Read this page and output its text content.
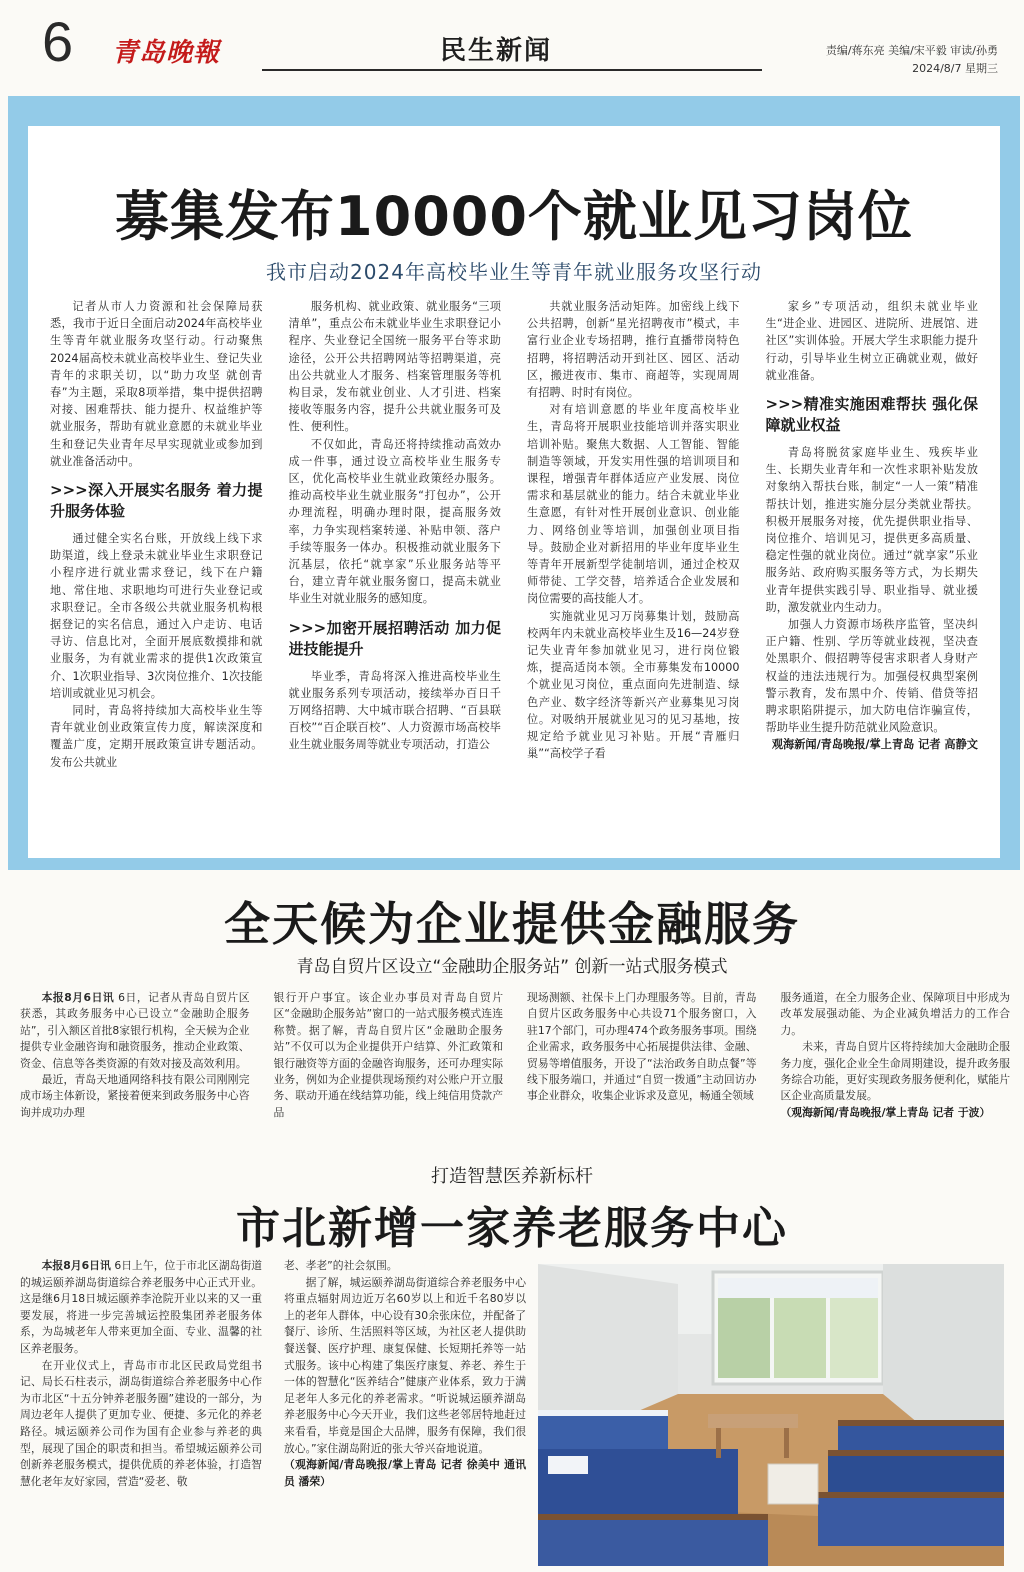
6 青岛晚報	民生新闻	责编/蒋东亮 美编/宋平毅 审读/孙勇
2024/8/7 星期三
募集发布10000个就业见习岗位
我市启动2024年高校毕业生等青年就业服务攻坚行动

记者从市人力资源和社会保障局获悉，我市于近日全面启动2024年高校毕业生等青年就业服务攻坚行动。行动聚焦2024届高校未就业高校毕业生、登记失业青年的求职关切，以“助力攻坚 就创青春”为主题，采取8项举措，集中提供招聘对接、困难帮扶、能力提升、权益维护等就业服务，帮助有就业意愿的未就业毕业生和登记失业青年尽早实现就业或参加到就业准备活动中。

>>>深入开展实名服务 着力提升服务体验

通过健全实名台账，开放线上线下求助渠道，线上登录未就业毕业生求职登记小程序进行就业需求登记，线下在户籍地、常住地、求职地均可进行失业登记或求职登记。全市各级公共就业服务机构根据登记的实名信息，通过入户走访、电话寻访、信息比对，全面开展底数摸排和就业服务，为有就业需求的提供1次政策宣介、1次职业指导、3次岗位推介、1次技能培训或就业见习机会。

同时，青岛将持续加大高校毕业生等青年就业创业政策宣传力度，解读深度和覆盖广度，定期开展政策宣讲专题活动。发布公共就业

服务机构、就业政策、就业服务“三项清单”，重点公布未就业毕业生求职登记小程序、失业登记全国统一服务平台等求助途径，公开公共招聘网站等招聘渠道，亮出公共就业人才服务、档案管理服务等机构目录，发布就业创业、人才引进、档案接收等服务内容，提升公共就业服务可及性、便利性。

不仅如此，青岛还将持续推动高效办成一件事，通过设立高校毕业生服务专区，优化高校毕业生就业政策经办服务。推动高校毕业生就业服务“打包办”，公开办理流程，明确办理时限，提高服务效率，力争实现档案转递、补贴申领、落户手续等服务一体办。积极推动就业服务下沉基层，依托“就享家”乐业服务站等平台，建立青年就业服务窗口，提高未就业毕业生对就业服务的感知度。

>>>加密开展招聘活动 加力促进技能提升

毕业季，青岛将深入推进高校毕业生就业服务系列专项活动，接续举办百日千万网络招聘、大中城市联合招聘、“百县联百校”“百企联百校”、人力资源市场高校毕业生就业服务周等就业专项活动，打造公

共就业服务活动矩阵。加密线上线下公共招聘，创新“星光招聘夜市”模式，丰富行业企业专场招聘，推行直播带岗特色招聘，将招聘活动开到社区、园区、活动区，搬进夜市、集市、商超等，实现周周有招聘、时时有岗位。

对有培训意愿的毕业年度高校毕业生，青岛将开展职业技能培训并落实职业培训补贴。聚焦大数据、人工智能、智能制造等领域，开发实用性强的培训项目和课程，增强青年群体适应产业发展、岗位需求和基层就业的能力。结合未就业毕业生意愿，有针对性开展创业意识、创业能力、网络创业等培训，加强创业项目指导。鼓励企业对新招用的毕业年度毕业生等青年开展新型学徒制培训，通过企校双师带徒、工学交替，培养适合企业发展和岗位需要的高技能人才。

实施就业见习万岗募集计划，鼓励高校两年内未就业高校毕业生及16—24岁登记失业青年参加就业见习，进行岗位锻炼，提高适岗本领。全市募集发布10000个就业见习岗位，重点面向先进制造、绿色产业、数字经济等新兴产业募集见习岗位。对吸纳开展就业见习的见习基地，按规定给予就业见习补贴。开展“青雁归巢”“高校学子看

家乡”专项活动，组织未就业毕业生“进企业、进园区、进院所、进展馆、进社区”实训体验。开展大学生求职能力提升行动，引导毕业生树立正确就业观，做好就业准备。

>>>精准实施困难帮扶 强化保障就业权益

青岛将脱贫家庭毕业生、残疾毕业生、长期失业青年和一次性求职补贴发放对象纳入帮扶台账，制定“一人一策”精准帮扶计划，推进实施分层分类就业帮扶。积极开展服务对接，优先提供职业指导、岗位推介、培训见习，提供更多高质量、稳定性强的就业岗位。通过“就享家”乐业服务站、政府购买服务等方式，为长期失业青年提供实践引导、职业指导、就业援助，激发就业内生动力。

加强人力资源市场秩序监管，坚决纠正户籍、性别、学历等就业歧视，坚决查处黑职介、假招聘等侵害求职者人身财产权益的违法违规行为。加强侵权典型案例警示教育，发布黑中介、传销、借贷等招聘求职陷阱提示，加大防电信诈骗宣传，帮助毕业生提升防范就业风险意识。

观海新闻/青岛晚报/掌上青岛 记者 高静文

全天候为企业提供金融服务
青岛自贸片区设立“金融助企服务站” 创新一站式服务模式

本报8月6日讯 6日，记者从青岛自贸片区获悉，其政务服务中心已设立“金融助企服务站”，引入额区首批8家银行机构，全天候为企业提供专业金融咨询和融资服务，推动企业政策、资金、信息等各类资源的有效对接及高效利用。

最近，青岛天地通网络科技有限公司刚刚完成市场主体新设，紧接着便来到政务服务中心咨询并成功办理

银行开户事宜。该企业办事员对青岛自贸片区“金融助企服务站”窗口的一站式服务模式连连称赞。据了解，青岛自贸片区“金融助企服务站”不仅可以为企业提供开户结算、外汇政策和银行融资等方面的金融咨询服务，还可办理实际业务，例如为企业提供现场预约对公账户开立服务、联动开通在线结算功能，线上纯信用贷款产品

现场测额、社保卡上门办理服务等。目前，青岛自贸片区政务服务中心共设71个服务窗口，入驻17个部门，可办理474个政务服务事项。围绕企业需求，政务服务中心拓展提供法律、金融、贸易等增值服务，开设了“法治政务自助点餐”等线下服务端口，并通过“自贸一拨通”主动回访办事企业群众，收集企业诉求及意见，畅通全领域

服务通道，在全力服务企业、保障项目中形成为改革发展强动能、为企业减负增活力的工作合力。

未来，青岛自贸片区将持续加大金融助企服务力度，强化企业全生命周期建设，提升政务服务综合功能，更好实现政务服务便利化，赋能片区企业高质量发展。

（观海新闻/青岛晚报/掌上青岛 记者 于波）

打造智慧医养新标杆
市北新增一家养老服务中心

本报8月6日讯 6日上午，位于市北区湖岛街道的城运颐养湖岛街道综合养老服务中心正式开业。这是继6月18日城运颐养李沧院开业以来的又一重要发展，将进一步完善城运控股集团养老服务体系，为岛城老年人带来更加全面、专业、温馨的社区养老服务。

在开业仪式上，青岛市市北区民政局党组书记、局长石柱表示，湖岛街道综合养老服务中心作为市北区“十五分钟养老服务圈”建设的一部分，为周边老年人提供了更加专业、便捷、多元化的养老路径。城运颐养公司作为国有企业参与养老的典型，展现了国企的职责和担当。希望城运颐养公司创新养老服务模式，提供优质的养老体验，打造智慧化老年友好家园，营造“爱老、敬

老、孝老”的社会氛围。

据了解，城运颐养湖岛街道综合养老服务中心将重点辐射周边近万名60岁以上和近千名80岁以上的老年人群体，中心设有30余张床位，并配备了餐厅、诊所、生活照料等区域，为社区老人提供助餐送餐、医疗护理、康复保健、长短期托养等一站式服务。该中心构建了集医疗康复、养老、养生于一体的智慧化“医养结合”健康产业体系，致力于满足老年人多元化的养老需求。“听说城运颐养湖岛养老服务中心今天开业，我们这些老邻居特地赶过来看看，毕竟是国企大品牌，服务有保障，我们很放心。”家住湖岛附近的张大爷兴奋地说道。

（观海新闻/青岛晚报/掌上青岛 记者 徐美中 通讯员 潘荣）
